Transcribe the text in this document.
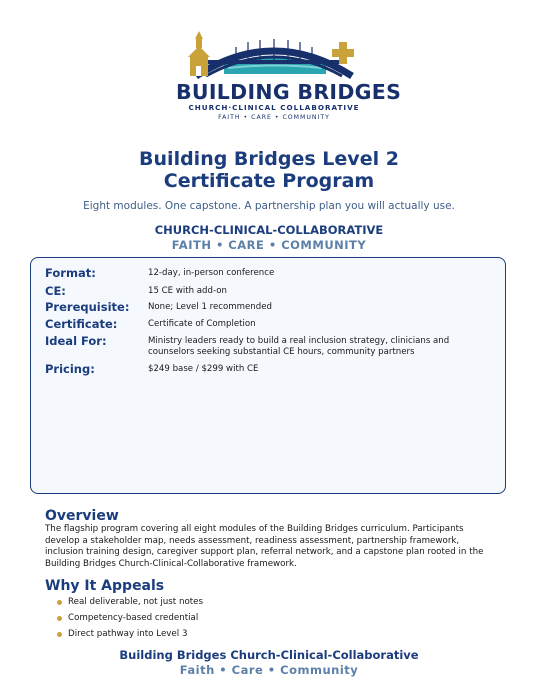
BUILDING BRIDGES
CHURCH·CLINICAL COLLABORATIVE
FAITH • CARE • COMMUNITY
Building Bridges Level 2
Certificate Program
Eight modules. One capstone. A partnership plan you will actually use.
CHURCH-CLINICAL-COLLABORATIVE
FAITH • CARE • COMMUNITY
Format:	12-day, in-person conference
CE:	15 CE with add-on
Prerequisite: None; Level 1 recommended
Certificate:	Certificate of Completion
Ideal For:	Ministry leaders ready to build a real inclusion strategy, clinicians and counselors seeking substantial CE hours, community partners
Pricing:	$249 base / $299 with CE
Overview
The flagship program covering all eight modules of the Building Bridges curriculum. Participants develop a stakeholder map, needs assessment, readiness assessment, partnership framework, inclusion training design, caregiver support plan, referral network, and a capstone plan rooted in the Building Bridges Church-Clinical-Collaborative framework.
Why It Appeals
Real deliverable, not just notes
Competency-based credential
Direct pathway into Level 3
Building Bridges Church-Clinical-Collaborative
Faith • Care • Community
